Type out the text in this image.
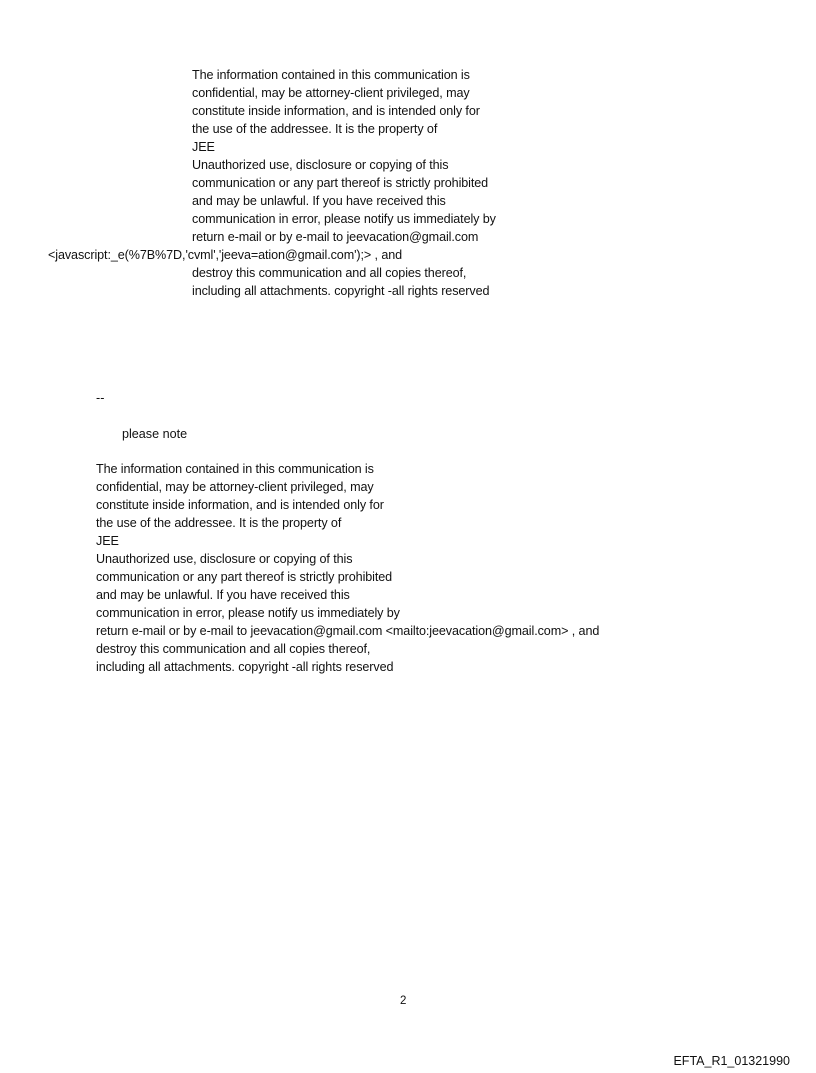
The information contained in this communication is
confidential, may be attorney-client privileged, may
constitute inside information, and is intended only for
the use of the addressee. It is the property of
JEE
Unauthorized use, disclosure or copying of this
communication or any part thereof is strictly prohibited
and may be unlawful. If you have received this
communication in error, please notify us immediately by
return e-mail or by e-mail to jeevacation@gmail.com
<javascript:_e(%7B%7D,'cvml','jeeva=ation@gmail.com');> , and
destroy this communication and all copies thereof,
including all attachments. copyright -all rights reserved
--
please note
The information contained in this communication is
confidential, may be attorney-client privileged, may
constitute inside information, and is intended only for
the use of the addressee. It is the property of
JEE
Unauthorized use, disclosure or copying of this
communication or any part thereof is strictly prohibited
and may be unlawful. If you have received this
communication in error, please notify us immediately by
return e-mail or by e-mail to jeevacation@gmail.com <mailto:jeevacation@gmail.com> , and
destroy this communication and all copies thereof,
including all attachments. copyright -all rights reserved
2
EFTA_R1_01321990
